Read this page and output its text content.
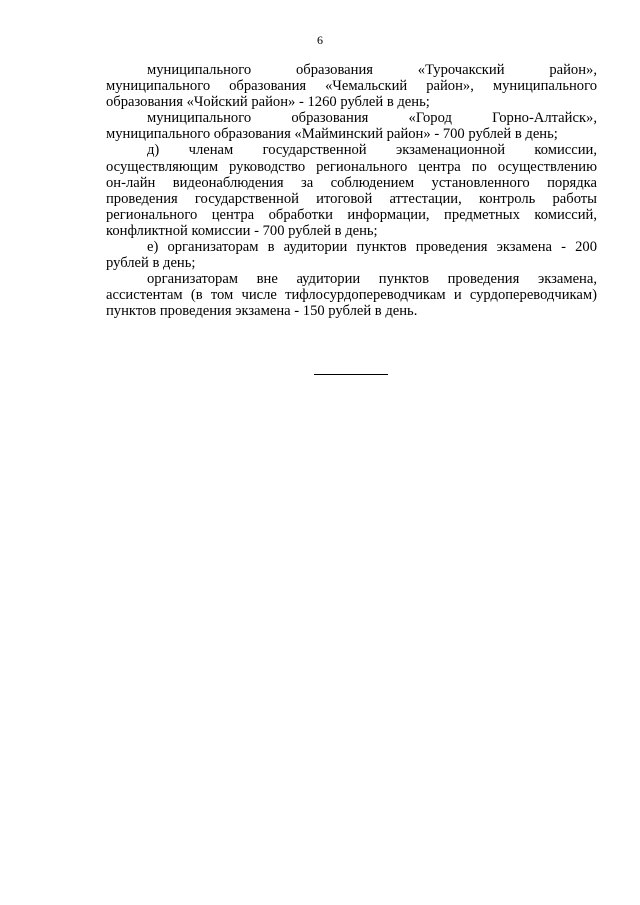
6
муниципального образования «Турочакский район»,
муниципального образования «Чемальский район», муниципального
образования «Чойский район» - 1260 рублей в день;
муниципального образования «Город Горно-Алтайск»,
муниципального образования «Майминский район» - 700 рублей в день;
д) членам государственной экзаменационной комиссии,
осуществляющим руководство регионального центра по осуществлению
он-лайн видеонаблюдения за соблюдением установленного порядка
проведения государственной итоговой аттестации, контроль работы
регионального центра обработки информации, предметных комиссий,
конфликтной комиссии - 700 рублей в день;
е) организаторам в аудитории пунктов проведения экзамена - 200
рублей в день;
организаторам вне аудитории пунктов проведения экзамена,
ассистентам (в том числе тифлосурдопереводчикам и сурдопереводчикам)
пунктов проведения экзамена - 150 рублей в день.
